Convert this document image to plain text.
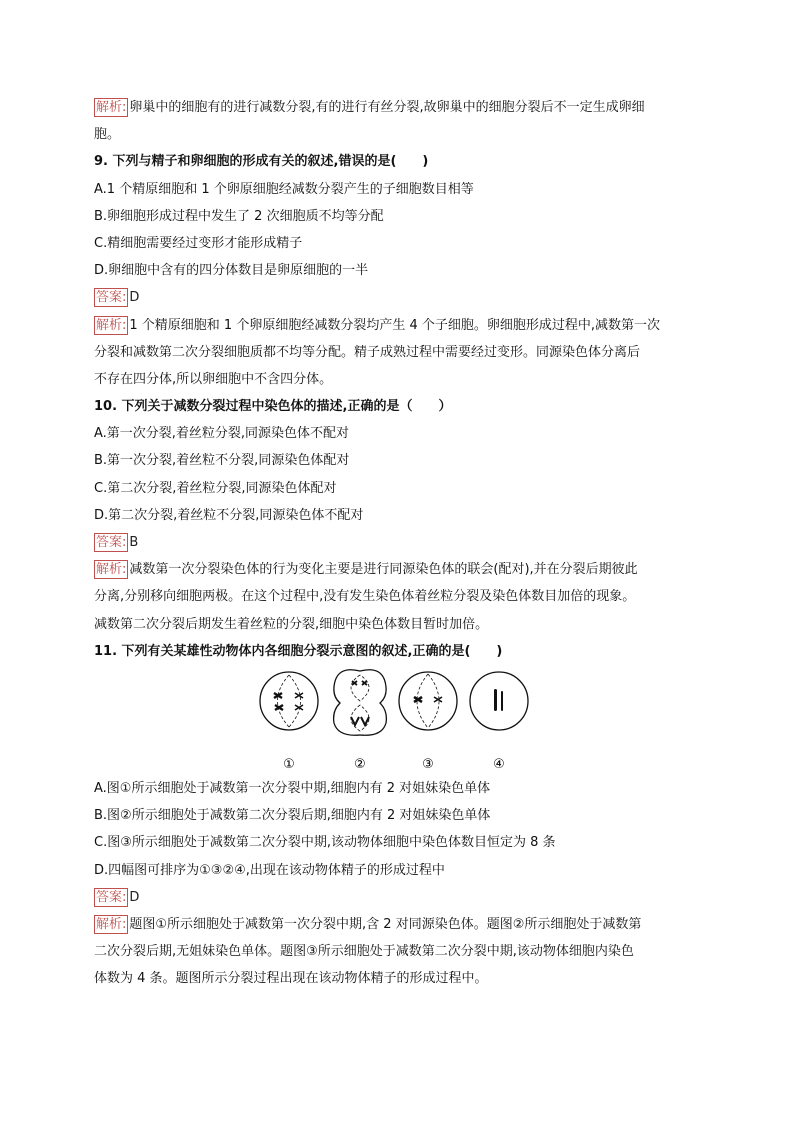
解析: 卵巢中的细胞有的进行减数分裂,有的进行有丝分裂,故卵巢中的细胞分裂后不一定生成卵细
胞。
9. 下列与精子和卵细胞的形成有关的叙述,错误的是(　　)
A.1 个精原细胞和 1 个卵原细胞经减数分裂产生的子细胞数目相等
B.卵细胞形成过程中发生了 2 次细胞质不均等分配
C.精细胞需要经过变形才能形成精子
D.卵细胞中含有的四分体数目是卵原细胞的一半
答案: D
解析: 1 个精原细胞和 1 个卵原细胞经减数分裂均产生 4 个子细胞。卵细胞形成过程中,减数第一次
分裂和减数第二次分裂细胞质都不均等分配。精子成熟过程中需要经过变形。同源染色体分离后
不存在四分体,所以卵细胞中不含四分体。
10. 下列关于减数分裂过程中染色体的描述,正确的是（　　）
A.第一次分裂,着丝粒分裂,同源染色体不配对
B.第一次分裂,着丝粒不分裂,同源染色体配对
C.第二次分裂,着丝粒分裂,同源染色体配对
D.第二次分裂,着丝粒不分裂,同源染色体不配对
答案: B
解析: 减数第一次分裂染色体的行为变化主要是进行同源染色体的联会(配对),并在分裂后期彼此
分离,分别移向细胞两极。在这个过程中,没有发生染色体着丝粒分裂及染色体数目加倍的现象。
减数第二次分裂后期发生着丝粒的分裂,细胞中染色体数目暂时加倍。
11. 下列有关某雄性动物体内各细胞分裂示意图的叙述,正确的是(　　)
①	②	③	④
A.图①所示细胞处于减数第一次分裂中期,细胞内有 2 对姐妹染色单体
B.图②所示细胞处于减数第二次分裂后期,细胞内有 2 对姐妹染色单体
C.图③所示细胞处于减数第二次分裂中期,该动物体细胞中染色体数目恒定为 8 条
D.四幅图可排序为①③②④,出现在该动物体精子的形成过程中
答案: D
解析: 题图①所示细胞处于减数第一次分裂中期,含 2 对同源染色体。题图②所示细胞处于减数第
二次分裂后期,无姐妹染色单体。题图③所示细胞处于减数第二次分裂中期,该动物体细胞内染色
体数为 4 条。题图所示分裂过程出现在该动物体精子的形成过程中。
